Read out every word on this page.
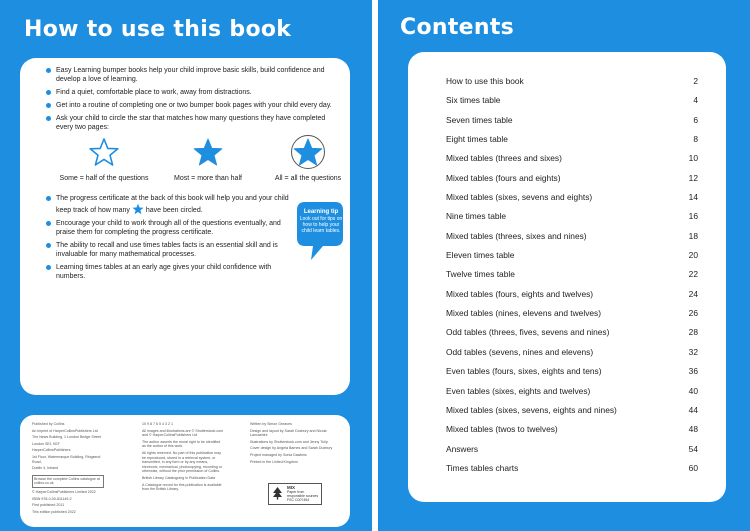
How to use this book
Easy Learning bumper books help your child improve basic skills, build confidence and develop a love of learning.
Find a quiet, comfortable place to work, away from distractions.
Get into a routine of completing one or two bumper book pages with your child every day.
Ask your child to circle the star that matches how many questions they have completed every two pages:
Some = half of the questions	Most = more than half	All = all the questions
The progress certificate at the back of this book will help you and your child keep track of how many have been circled.
Encourage your child to work through all of the questions eventually, and praise them for completing the progress certificate.
The ability to recall and use times tables facts is an essential skill and is invaluable for many mathematical processes.
Learning times tables at an early age gives your child confidence with numbers.
Learning tip
Look out for tips on how to help your child learn tables.

Published by Collins

An imprint of HarperCollinsPublishers Ltd

The News Building, 1 London Bridge Street

London SE1 9GF

HarperCollinsPublishers

1st Floor, Watermarque Building, Ringsend Road,

Dublin 4, Ireland

Browse the complete Collins catalogue at collins.co.uk

© HarperCollinsPublishers Limited 2022

ISBN 978-0-00-811149-2

First published 2011

This edition published 2022

10 9 8 7 6 5 4 3 2 1

All images and illustrations are © Shutterstock.com and © HarperCollinsPublishers Ltd

The author asserts the moral right to be identified as the author of this work.

All rights reserved. No part of this publication may be reproduced, stored in a retrieval system, or transmitted, in any form or by any means, electronic, mechanical, photocopying, recording or otherwise, without the prior permission of Collins.

British Library Cataloguing in Publication Data

A Catalogue record for this publication is available from the British Library.

Written by Simon Greaves

Design and layout by Sarah Duxbury and Nicola Lancashire

Illustrations by Shutterstock.com and Jenny Tulip

Cover design by Angela Barnes and Sarah Duxbury

Project managed by Sonia Dawkins

Printed in the United Kingdom

MIX
Paper from
responsible sources
FSC C007454
Contents
How to use this book	2
Six times table	4
Seven times table	6
Eight times table	8
Mixed tables (threes and sixes)	10
Mixed tables (fours and eights)	12
Mixed tables (sixes, sevens and eights)	14
Nine times table	16
Mixed tables (threes, sixes and nines)	18
Eleven times table	20
Twelve times table	22
Mixed tables (fours, eights and twelves)	24
Mixed tables (nines, elevens and twelves)	26
Odd tables (threes, fives, sevens and nines)	28
Odd tables (sevens, nines and elevens)	32
Even tables (fours, sixes, eights and tens)	36
Even tables (sixes, eights and twelves)	40
Mixed tables (sixes, sevens, eights and nines)	44
Mixed tables (twos to twelves)	48
Answers	54
Times tables charts	60
